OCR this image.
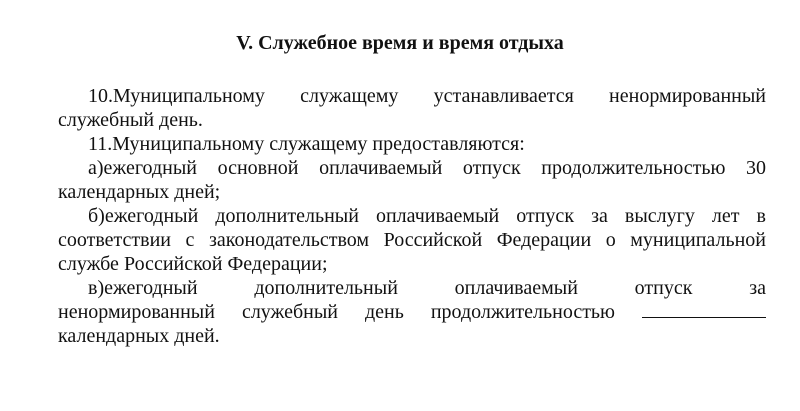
V. Служебное время и время отдыха
10.Муниципальному служащему устанавливается ненормированный
служебный день.
11.Муниципальному служащему предоставляются:
а)ежегодный основной оплачиваемый отпуск продолжительностью 30
календарных дней;
б)ежегодный дополнительный оплачиваемый отпуск за выслугу лет в
соответствии с законодательством Российской Федерации о муниципальной
службе Российской Федерации;
в)ежегодный дополнительный оплачиваемый отпуск за
ненормированный служебный день продолжительностью
календарных дней.
